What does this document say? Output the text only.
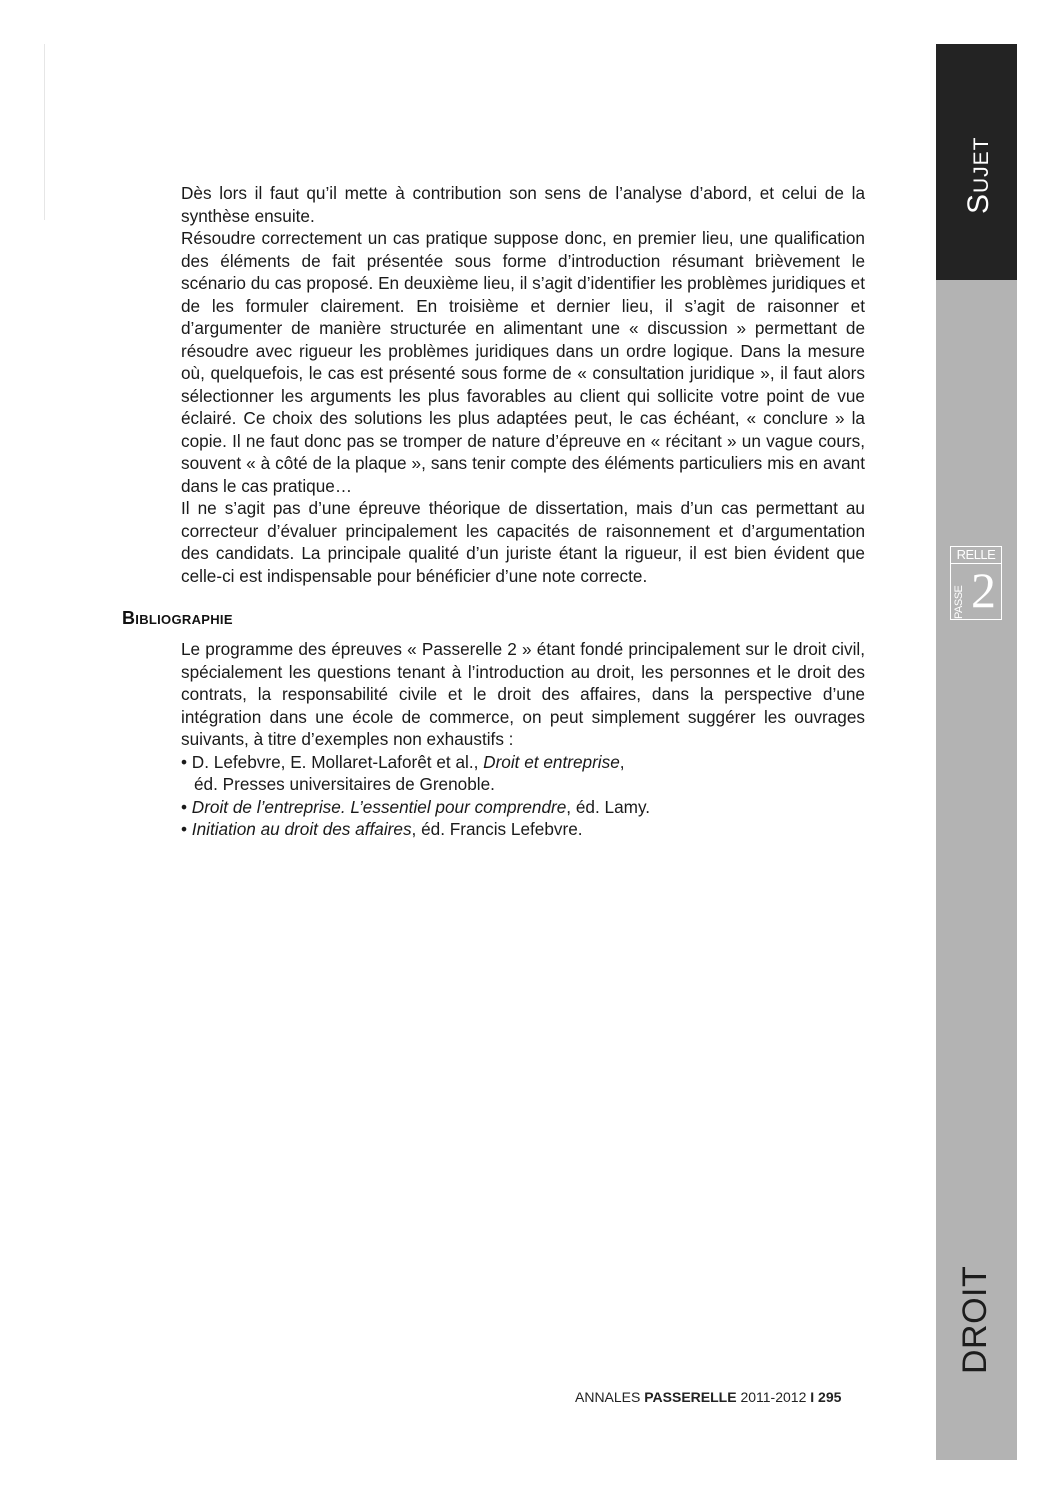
Dès lors il faut qu’il mette à contribution son sens de l’analyse d’abord, et celui de la synthèse ensuite.

Résoudre correctement un cas pratique suppose donc, en premier lieu, une qualification des éléments de fait présentée sous forme d’introduction résumant brièvement le scénario du cas proposé. En deuxième lieu, il s’agit d’identifier les problèmes juridiques et de les formuler clairement. En troisième et dernier lieu, il s’agit de raisonner et d’argumenter de manière structurée en alimentant une « discussion » permettant de résoudre avec rigueur les problèmes juridiques dans un ordre logique. Dans la mesure où, quelquefois, le cas est présenté sous forme de « consultation juridique », il faut alors sélectionner les arguments les plus favorables au client qui sollicite votre point de vue éclairé. Ce choix des solutions les plus adaptées peut, le cas échéant, « conclure » la copie. Il ne faut donc pas se tromper de nature d’épreuve en « récitant » un vague cours, souvent « à côté de la plaque », sans tenir compte des éléments particuliers mis en avant dans le cas pratique…

Il ne s’agit pas d’une épreuve théorique de dissertation, mais d’un cas permettant au correcteur d’évaluer principalement les capacités de raisonnement et d’argumentation des candidats. La principale qualité d’un juriste étant la rigueur, il est bien évident que celle-ci est indispensable pour bénéficier d’une note correcte.

Bibliographie

Le programme des épreuves « Passerelle 2 » étant fondé principalement sur le droit civil, spécialement les questions tenant à l’introduction au droit, les personnes et le droit des contrats, la responsabilité civile et le droit des affaires, dans la perspective d’une intégration dans une école de commerce, on peut simplement suggérer les ouvrages suivants, à titre d’exemples non exhaustifs :

• D. Lefebvre, E. Mollaret-Laforêt et al., Droit et entreprise,
éd. Presses universitaires de Grenoble.
• Droit de l’entreprise. L’essentiel pour comprendre, éd. Lamy.
• Initiation au droit des affaires, éd. Francis Lefebvre.
ANNALES PASSERELLE 2011-2012 I 295
Sujet
RELLE
PASSE 2
DROIT
